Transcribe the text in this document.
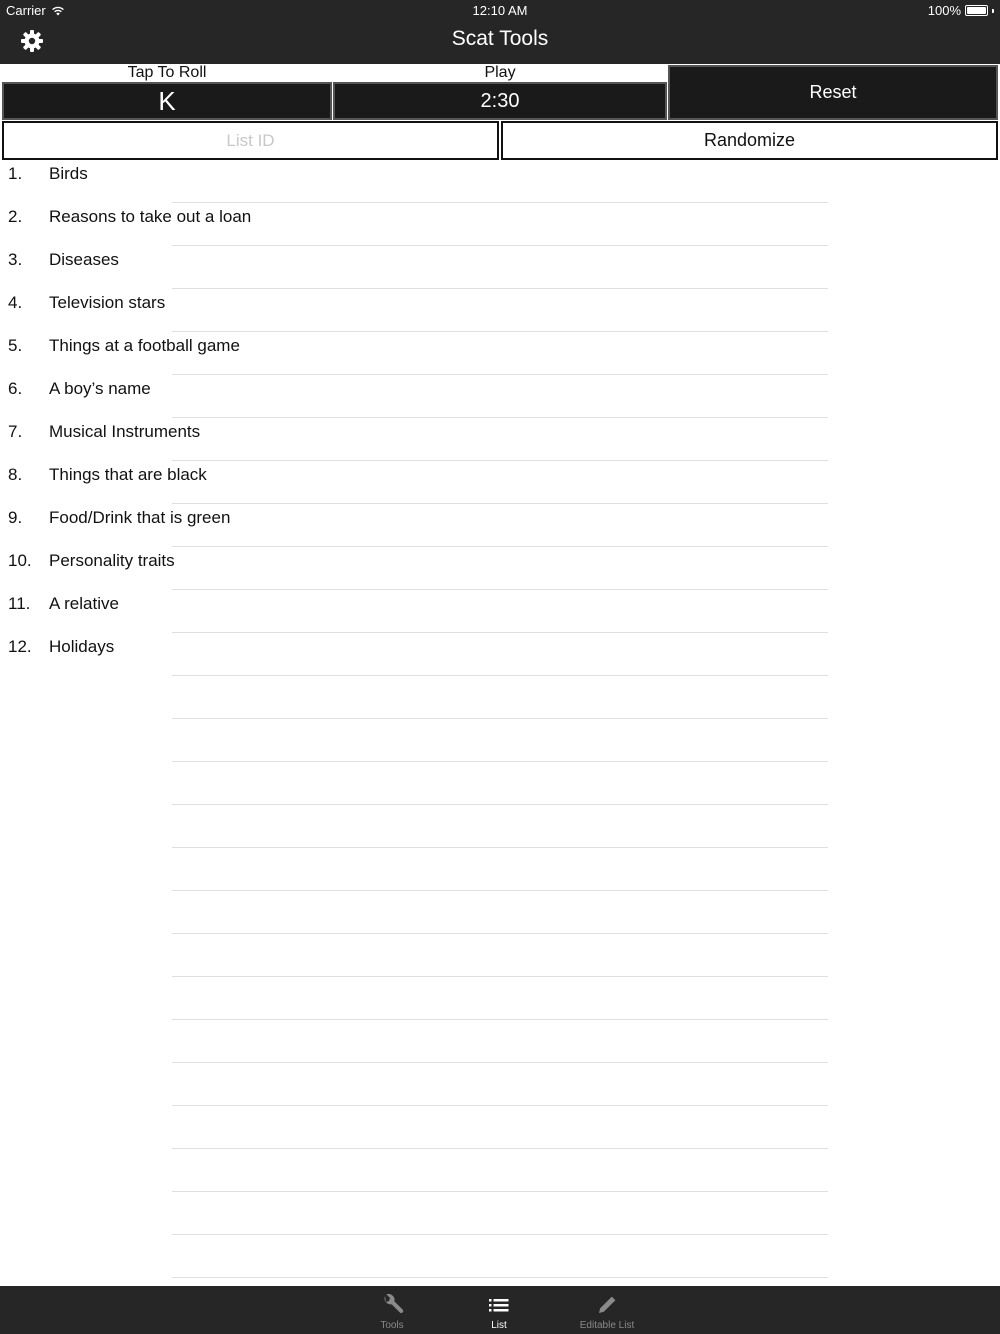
Carrier	12:10 AM	100%
Scat Tools
Tap To Roll
K
Play
2:30	Reset
List ID
Randomize
1.	Birds
2.	Reasons to take out a loan
3.	Diseases
4.	Television stars
5.	Things at a football game
6.	A boy’s name
7.	Musical Instruments
8.	Things that are black
9.	Food/Drink that is green
10.	Personality traits
11.	A relative
12.	Holidays
Tools	List	Editable List
